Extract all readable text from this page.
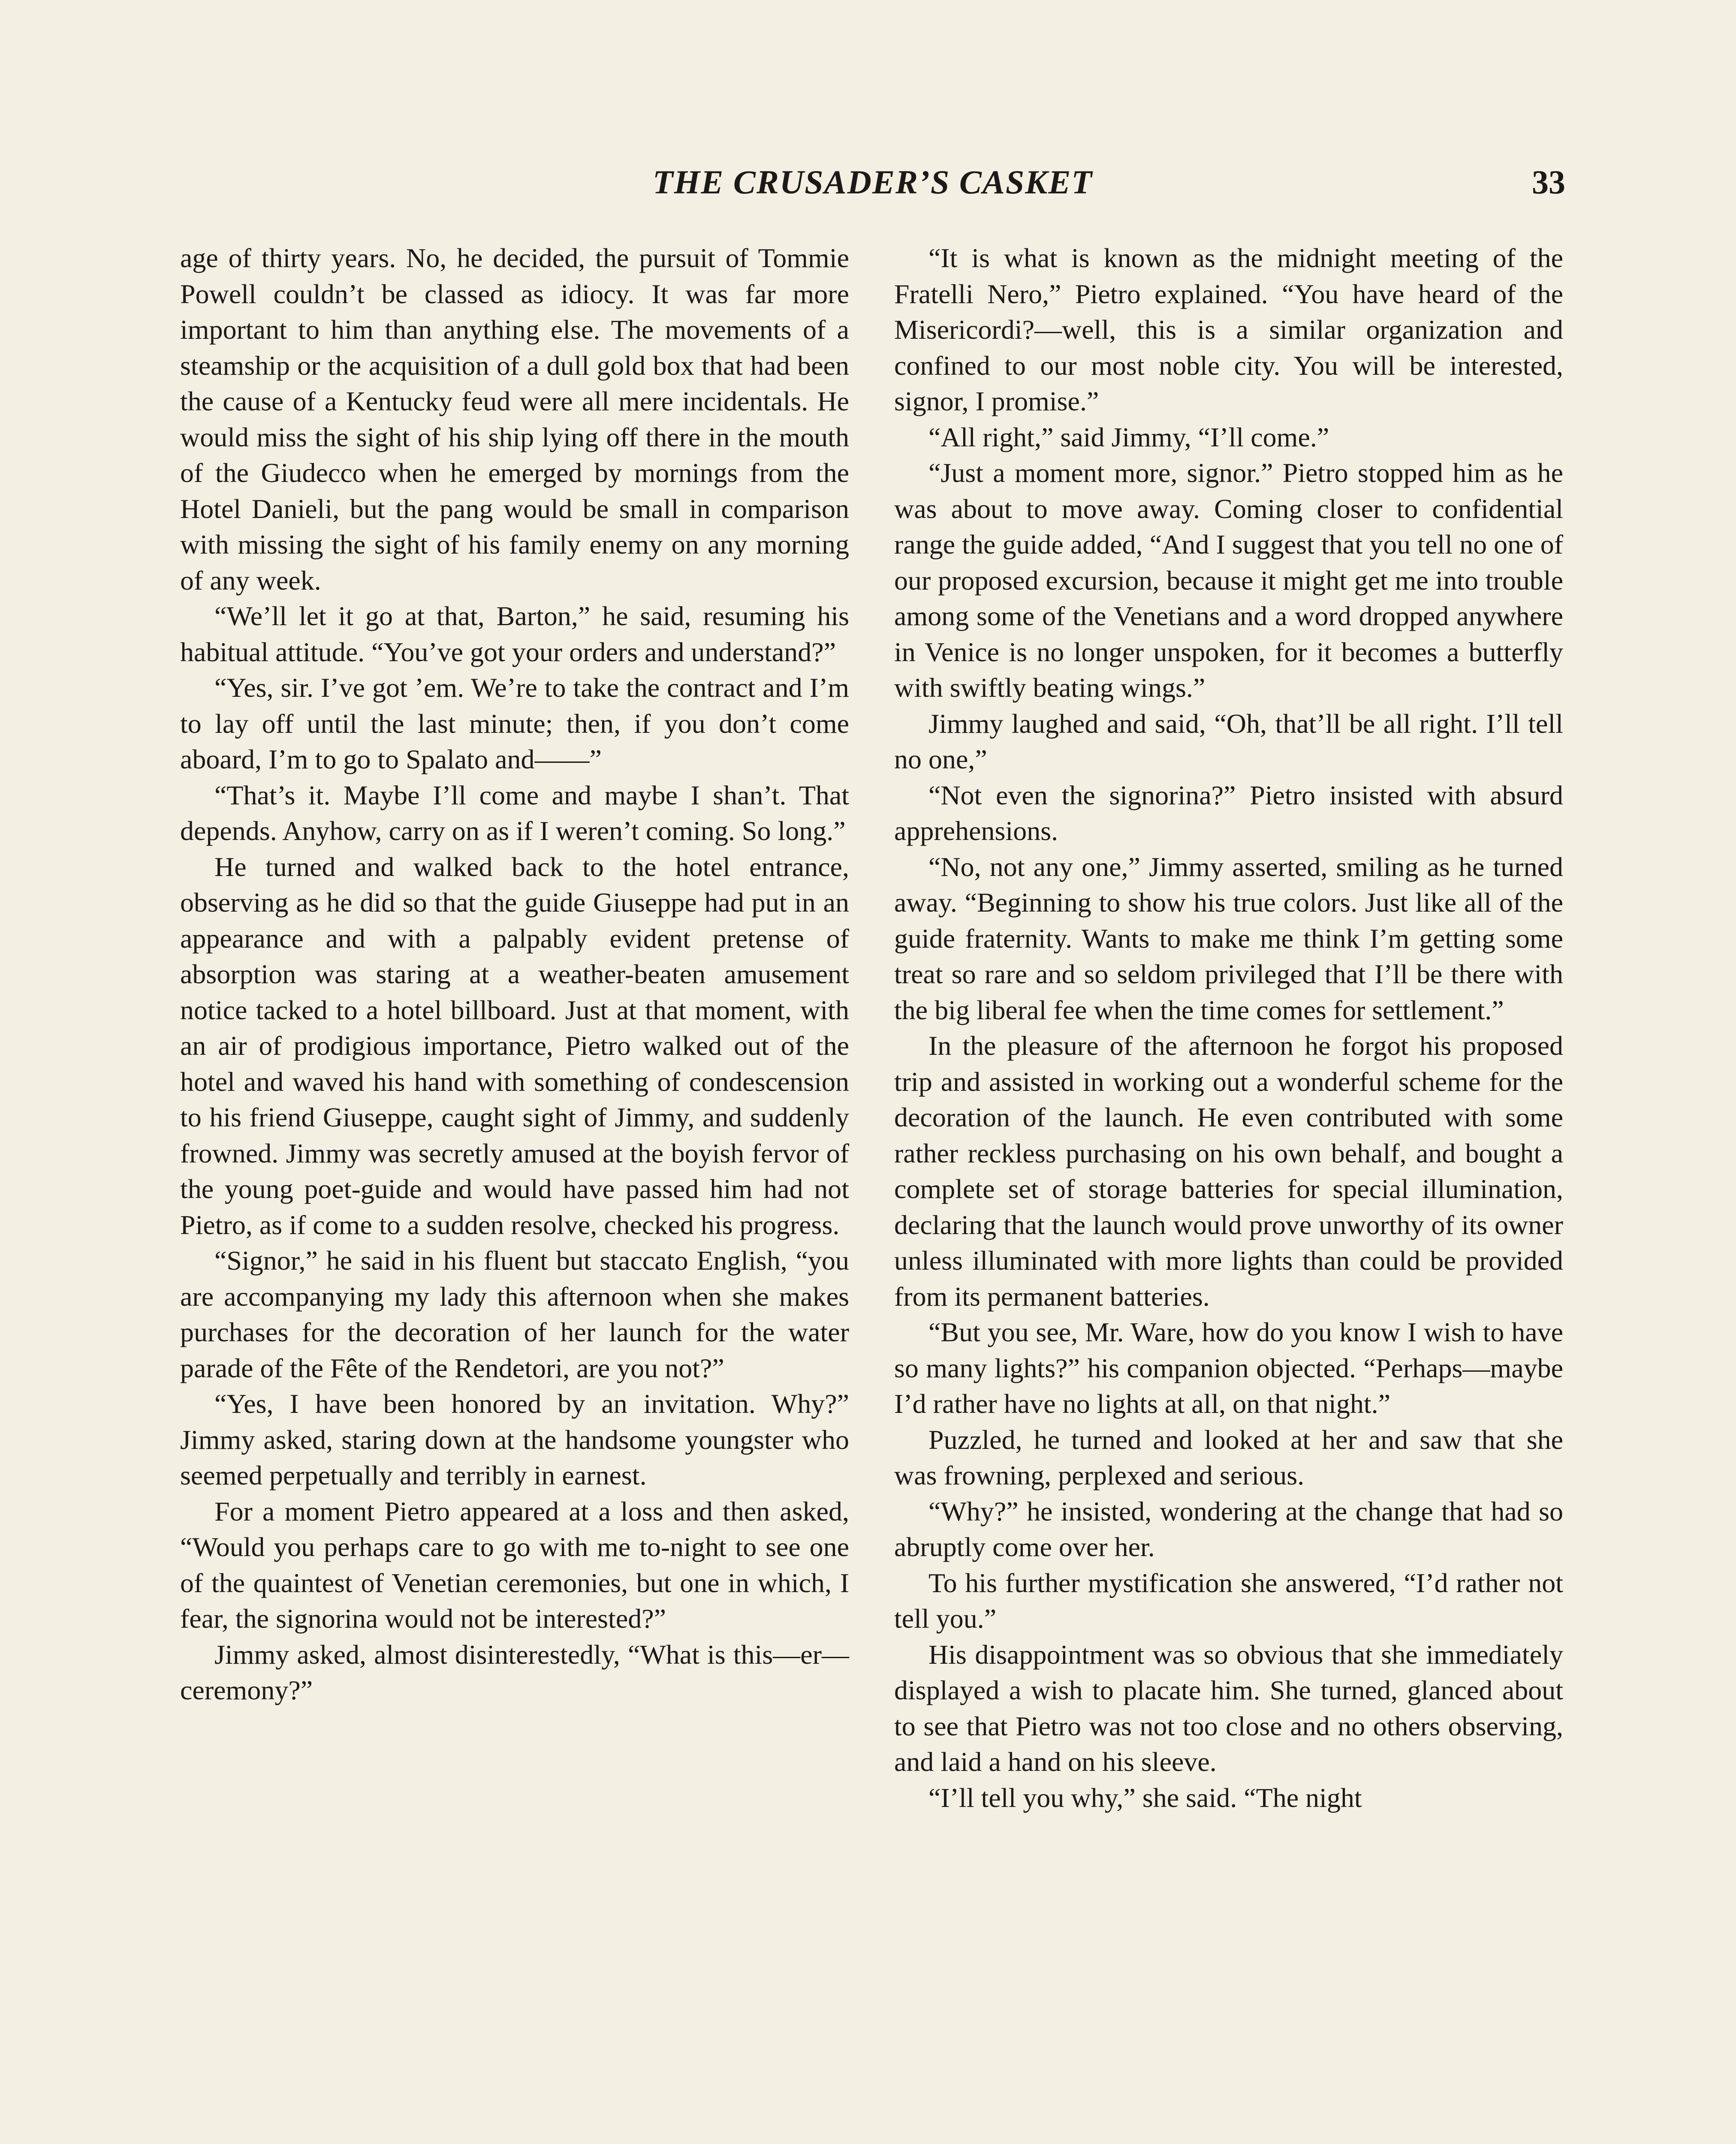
THE CRUSADER’S CASKET	33

age of thirty years. No, he decided, the pursuit of Tommie Powell couldn’t be classed as idiocy. It was far more important to him than anything else. The movements of a steamship or the acquisition of a dull gold box that had been the cause of a Kentucky feud were all mere incidentals. He would miss the sight of his ship lying off there in the mouth of the Giudecco when he emerged by mornings from the Hotel Danieli, but the pang would be small in comparison with missing the sight of his family enemy on any morning of any week.

“We’ll let it go at that, Barton,” he said, resuming his habitual attitude. “You’ve got your orders and understand?”

“Yes, sir. I’ve got ’em. We’re to take the contract and I’m to lay off until the last minute; then, if you don’t come aboard, I’m to go to Spalato and——”

“That’s it. Maybe I’ll come and maybe I shan’t. That depends. Anyhow, carry on as if I weren’t coming. So long.”

He turned and walked back to the hotel entrance, observing as he did so that the guide Giuseppe had put in an appearance and with a palpably evident pretense of absorption was staring at a weather-beaten amusement notice tacked to a hotel billboard. Just at that moment, with an air of prodigious importance, Pietro walked out of the hotel and waved his hand with something of condescension to his friend Giuseppe, caught sight of Jimmy, and suddenly frowned. Jimmy was secretly amused at the boyish fervor of the young poet-guide and would have passed him had not Pietro, as if come to a sudden resolve, checked his progress.

“Signor,” he said in his fluent but staccato English, “you are accompanying my lady this afternoon when she makes purchases for the decoration of her launch for the water parade of the Fête of the Rendetori, are you not?”

“Yes, I have been honored by an invitation. Why?” Jimmy asked, staring down at the handsome youngster who seemed perpetually and terribly in earnest.

For a moment Pietro appeared at a loss and then asked, “Would you perhaps care to go with me to-night to see one of the quaintest of Venetian ceremonies, but one in which, I fear, the signorina would not be interested?”

Jimmy asked, almost disinterestedly, “What is this—er—ceremony?”

“It is what is known as the midnight meeting of the Fratelli Nero,” Pietro explained. “You have heard of the Misericordi?—well, this is a similar organization and confined to our most noble city. You will be interested, signor, I promise.”

“All right,” said Jimmy, “I’ll come.”

“Just a moment more, signor.” Pietro stopped him as he was about to move away. Coming closer to confidential range the guide added, “And I suggest that you tell no one of our proposed excursion, because it might get me into trouble among some of the Venetians and a word dropped anywhere in Venice is no longer unspoken, for it becomes a butterfly with swiftly beating wings.”

Jimmy laughed and said, “Oh, that’ll be all right. I’ll tell no one,”

“Not even the signorina?” Pietro insisted with absurd apprehensions.

“No, not any one,” Jimmy asserted, smiling as he turned away. “Beginning to show his true colors. Just like all of the guide fraternity. Wants to make me think I’m getting some treat so rare and so seldom privileged that I’ll be there with the big liberal fee when the time comes for settlement.”

In the pleasure of the afternoon he forgot his proposed trip and assisted in working out a wonderful scheme for the decoration of the launch. He even contributed with some rather reckless purchasing on his own behalf, and bought a complete set of storage batteries for special illumination, declaring that the launch would prove unworthy of its owner unless illuminated with more lights than could be provided from its permanent batteries.

“But you see, Mr. Ware, how do you know I wish to have so many lights?” his companion objected. “Perhaps—maybe I’d rather have no lights at all, on that night.”

Puzzled, he turned and looked at her and saw that she was frowning, perplexed and serious.

“Why?” he insisted, wondering at the change that had so abruptly come over her.

To his further mystification she answered, “I’d rather not tell you.”

His disappointment was so obvious that she immediately displayed a wish to placate him. She turned, glanced about to see that Pietro was not too close and no others observing, and laid a hand on his sleeve.

“I’ll tell you why,” she said. “The night
